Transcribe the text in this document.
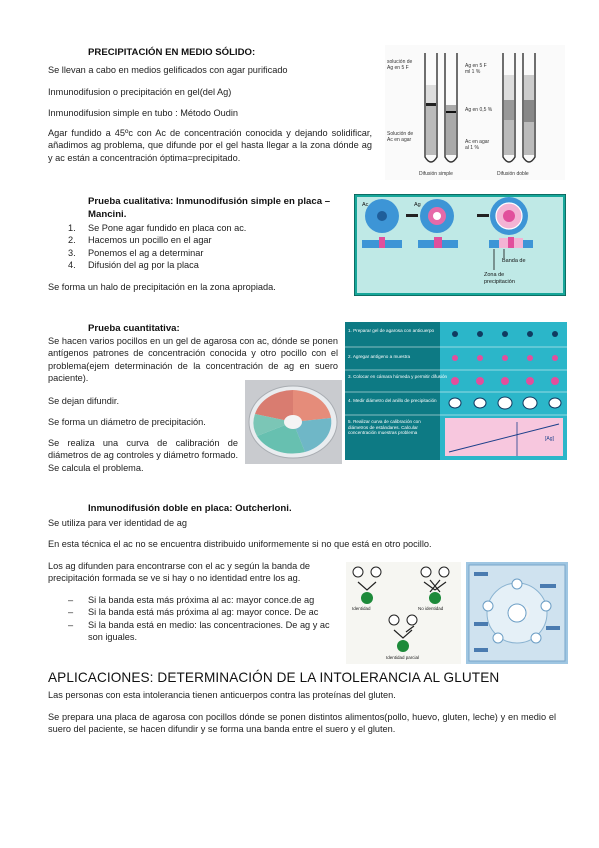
PRECIPITACIÓN EN MEDIO SÓLIDO:
Se llevan a cabo en medios gelificados con agar purificado
Inmunodifusion o precipitación en gel(del Ag)
Inmunodifusion simple en tubo : Método Oudin
Agar fundido a 45ºc con Ac de concentración conocida y dejando solidificar, añadimos ag problema, que difunde por el gel hasta llegar a la zona dónde ag y ac están a concentración óptima=precipitado.
solución de
Ag en 5 F	Ag en 5 F
ml 1 %
Solución de
Ac en agar
Ag en 0,5 %
Ac en agar
al 1 %
Difusión simple	Difusión doble
Prueba cualitativa: Inmunodifusión simple en placa – Mancini.
1. Se Pone agar fundido en placa con ac.
2. Hacemos un pocillo en el agar
3. Ponemos el ag a determinar
4. Difusión del ag por la placa
Se forma un halo de precipitación en la zona apropiada.
Ac	Ag
Banda de
Zona de
precipitación
Prueba cuantitativa:
Se hacen varios pocillos en un gel de agarosa con ac, dónde se ponen antígenos patrones de concentración conocida y otro pocillo con el problema(ejem determinación de la concentración de ag en suero paciente).
Se dejan difundir.
Se forma un diámetro de precipitación.
Se realiza una curva de calibración de diámetros de ag controles y diámetro formado. Se calcula el problema.
1. Preparar gel de agarosa con anticuerpo
2. Agregar antígeno a muestra
3. Colocar en cámara húmeda y permitir difusión
4. Medir diámetro del anillo de precipitación
5. Realizar curva de calibración con diámetros de estándares. Calcular concentración muestras problema
[Ag]
Inmunodifusión doble en placa: Outcherloni.
Se utiliza para ver identidad de ag
En esta técnica el ac no se encuentra distribuido uniformemente si no que está en otro pocillo.
Los ag difunden para encontrarse con el ac y según la banda de precipitación formada se ve si hay o no identidad entre los ag.
– Si la banda esta más próxima al ac: mayor conce.de ag
– Si la banda está más próxima al ag: mayor conce. De ac
– Si la banda está en medio: las concentraciones. De ag y ac son iguales.
Identidad	No identidad
Identidad parcial
APLICACIONES: DETERMINACIÓN DE LA INTOLERANCIA AL GLUTEN
Las personas con esta intolerancia tienen anticuerpos contra las proteínas del gluten.
Se prepara una placa de agarosa con pocillos dónde se ponen distintos alimentos(pollo, huevo, gluten, leche) y en medio el suero del paciente, se hacen difundir y se forma una banda entre el suero y el gluten.
